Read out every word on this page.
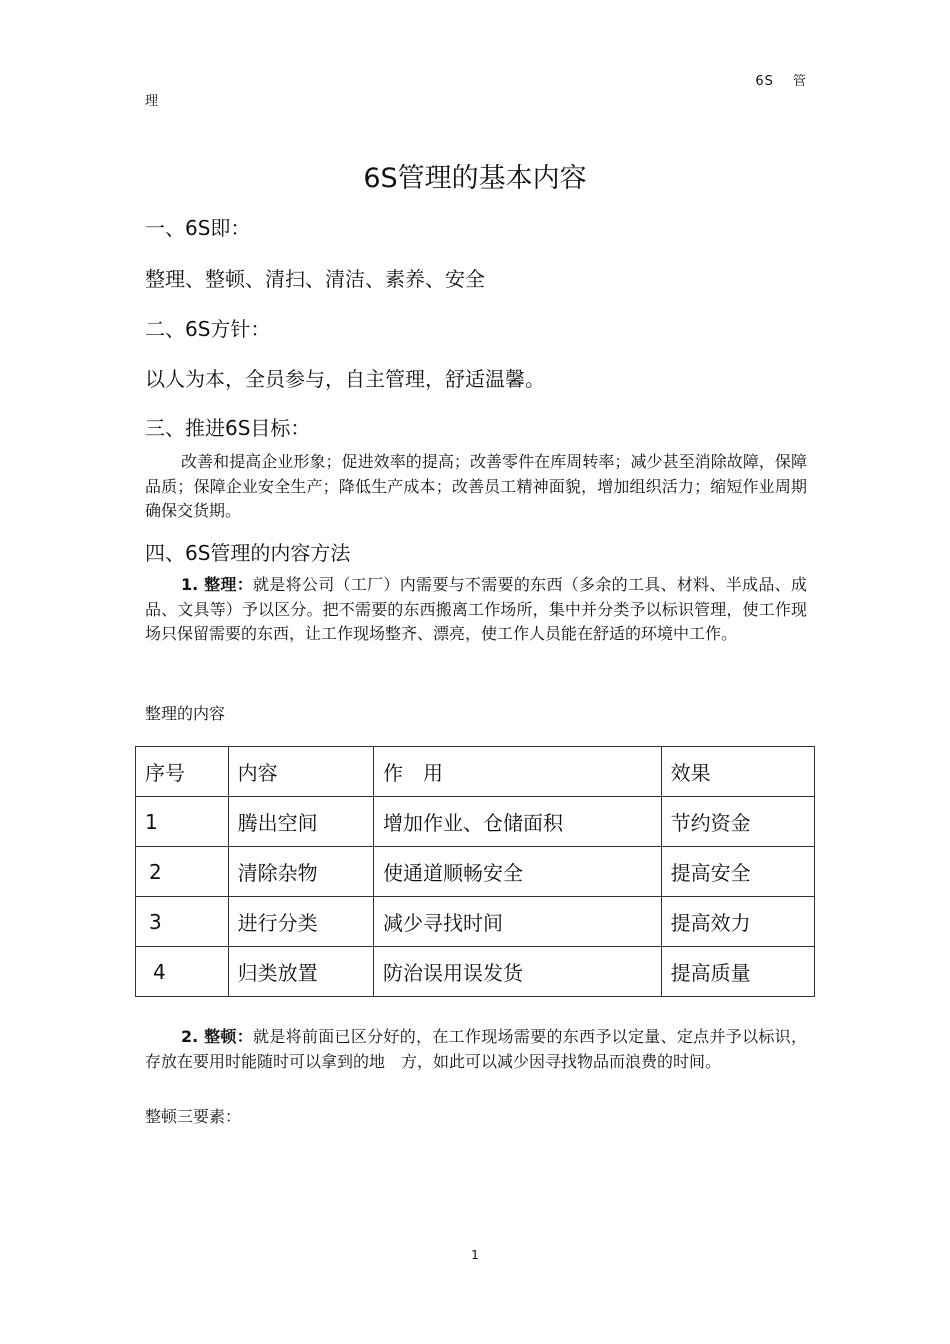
6S 管
理
6S管理的基本内容
一、6S即：
整理、整顿、清扫、清洁、素养、安全
二、6S方针：
以人为本，全员参与，自主管理，舒适温馨。
三、推进6S目标：
改善和提高企业形象；促进效率的提高；改善零件在库周转率；减少甚至消除故障，保障品质；保障企业安全生产；降低生产成本；改善员工精神面貌，增加组织活力；缩短作业周期确保交货期。
四、6S管理的内容方法
1. 整理：就是将公司（工厂）内需要与不需要的东西（多余的工具、材料、半成品、成品、文具等）予以区分。把不需要的东西搬离工作场所，集中并分类予以标识管理，使工作现场只保留需要的东西，让工作现场整齐、漂亮，使工作人员能在舒适的环境中工作。
整理的内容
序号	内容	作　用	效果
1	腾出空间	增加作业、仓储面积	节约资金
2	清除杂物	使通道顺畅安全	提高安全
3	进行分类	减少寻找时间	提高效力
4	归类放置	防治误用误发货	提高质量
2. 整顿：就是将前面已区分好的，在工作现场需要的东西予以定量、定点并予以标识，存放在要用时能随时可以拿到的地　方，如此可以减少因寻找物品而浪费的时间。
整顿三要素：
1
